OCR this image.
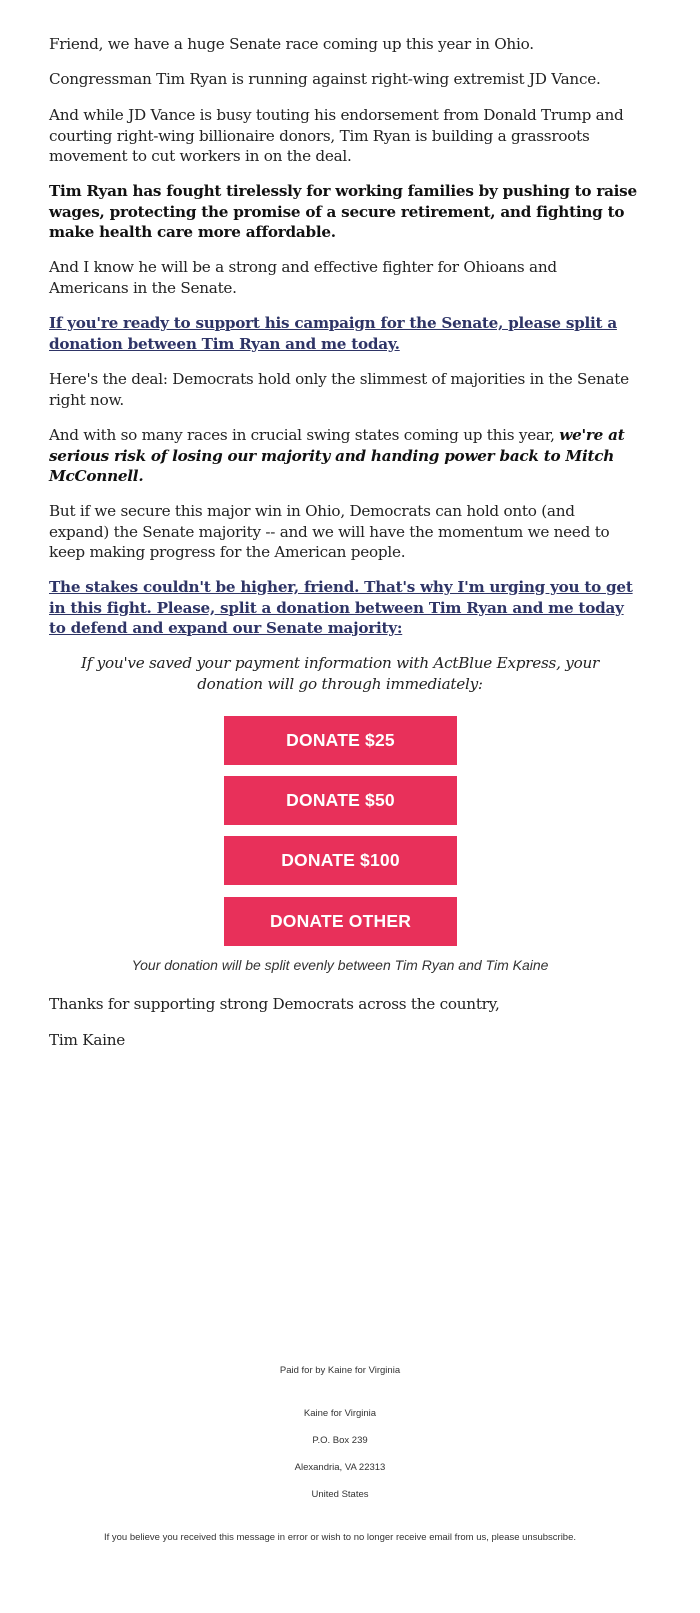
Friend, we have a huge Senate race coming up this year in Ohio.

Congressman Tim Ryan is running against right-wing extremist JD Vance.

And while JD Vance is busy touting his endorsement from Donald Trump and courting right-wing billionaire donors, Tim Ryan is building a grassroots movement to cut workers in on the deal.

Tim Ryan has fought tirelessly for working families by pushing to raise wages, protecting the promise of a secure retirement, and fighting to make health care more affordable.

And I know he will be a strong and effective fighter for Ohioans and Americans in the Senate.

If you're ready to support his campaign for the Senate, please split a donation between Tim Ryan and me today.

Here's the deal: Democrats hold only the slimmest of majorities in the Senate right now.

And with so many races in crucial swing states coming up this year, we're at serious risk of losing our majority and handing power back to Mitch McConnell.

But if we secure this major win in Ohio, Democrats can hold onto (and expand) the Senate majority -- and we will have the momentum we need to keep making progress for the American people.

The stakes couldn't be higher, friend. That's why I'm urging you to get in this fight. Please, split a donation between Tim Ryan and me today to defend and expand our Senate majority:

If you've saved your payment information with ActBlue Express, your donation will go through immediately:

DONATE $25
DONATE $50
DONATE $100
DONATE OTHER
Your donation will be split evenly between Tim Ryan and Tim Kaine

Thanks for supporting strong Democrats across the country,

Tim Kaine

Paid for by Kaine for Virginia
Kaine for Virginia
P.O. Box 239
Alexandria, VA 22313
United States
If you believe you received this message in error or wish to no longer receive email from us, please unsubscribe.
